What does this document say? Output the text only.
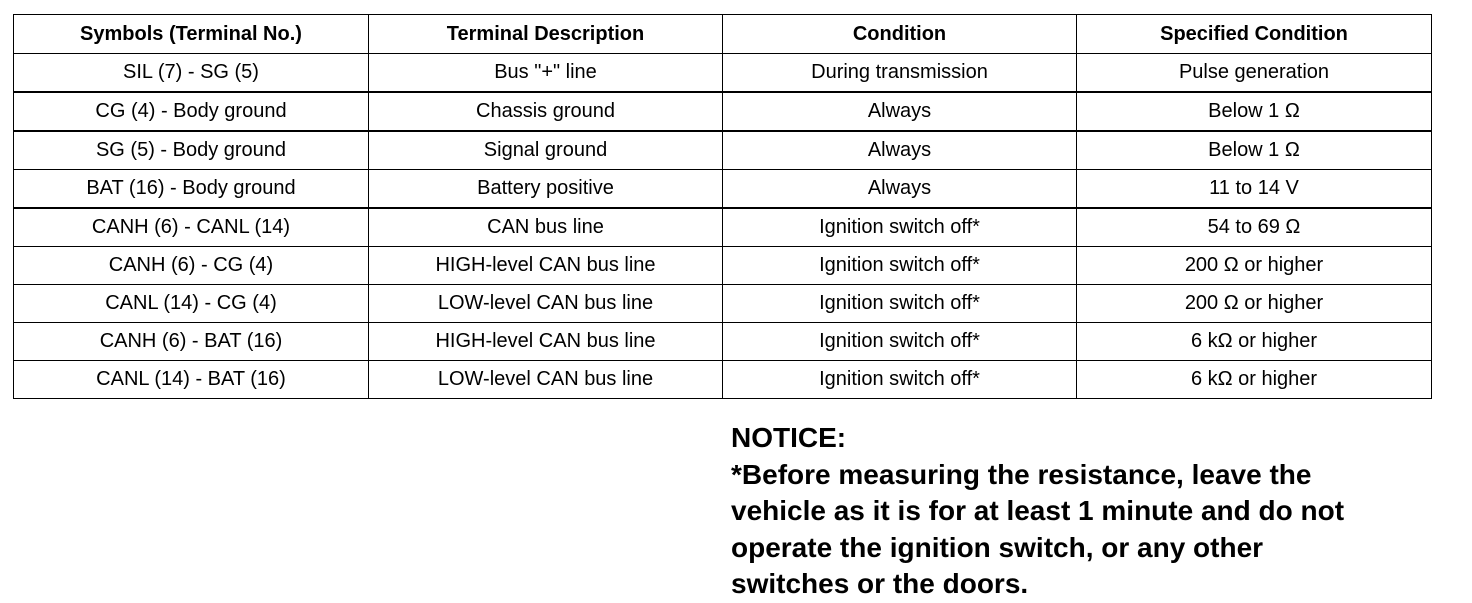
Symbols (Terminal No.)	Terminal Description	Condition	Specified Condition
SIL (7) - SG (5)	Bus "+" line	During transmission	Pulse generation
CG (4) - Body ground	Chassis ground	Always	Below 1 Ω
SG (5) - Body ground	Signal ground	Always	Below 1 Ω
BAT (16) - Body ground	Battery positive	Always	11 to 14 V
CANH (6) - CANL (14)	CAN bus line	Ignition switch off*	54 to 69 Ω
CANH (6) - CG (4)	HIGH-level CAN bus line	Ignition switch off*	200 Ω or higher
CANL (14) - CG (4)	LOW-level CAN bus line	Ignition switch off*	200 Ω or higher
CANH (6) - BAT (16)	HIGH-level CAN bus line	Ignition switch off*	6 kΩ or higher
CANL (14) - BAT (16)	LOW-level CAN bus line	Ignition switch off*	6 kΩ or higher
NOTICE:
*Before measuring the resistance, leave the
vehicle as it is for at least 1 minute and do not
operate the ignition switch, or any other
switches or the doors.
